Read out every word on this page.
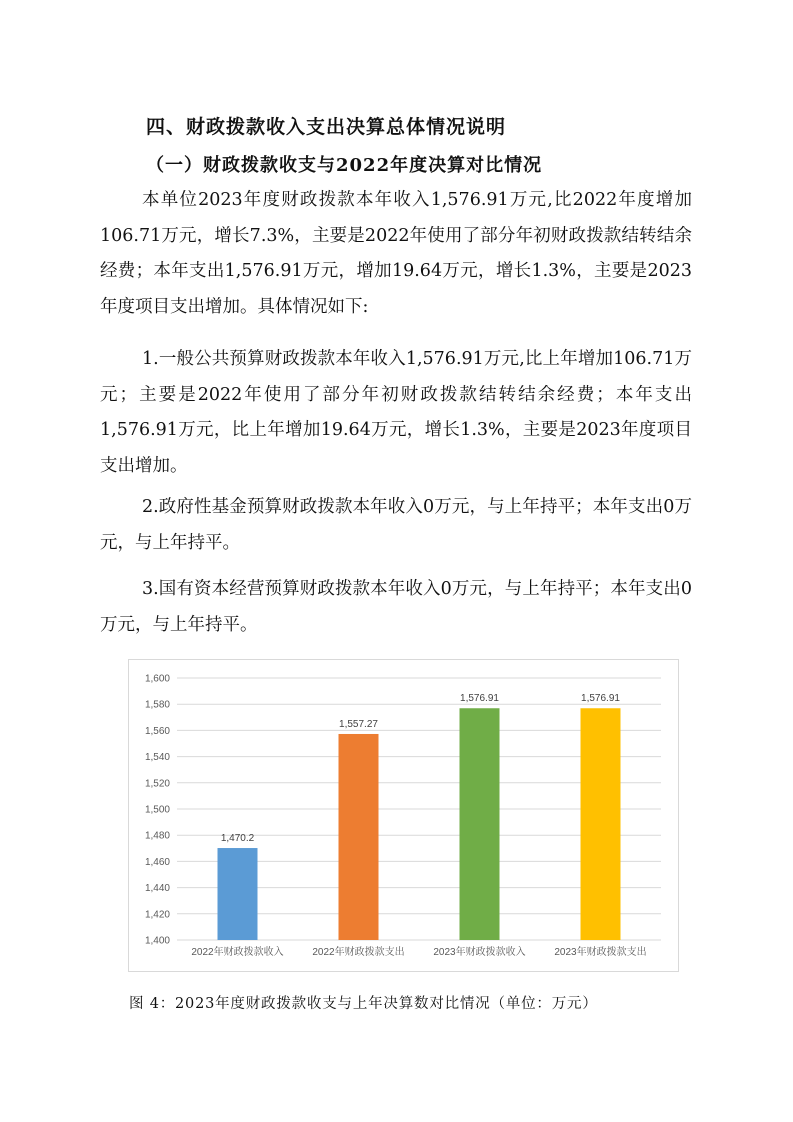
四、财政拨款收入支出决算总体情况说明
（一）财政拨款收支与2022年度决算对比情况

本单位2023年度财政拨款本年收入1,576.91万元,比2022年度增加106.71万元，增长7.3%，主要是2022年使用了部分年初财政拨款结转结余经费；本年支出1,576.91万元，增加19.64万元，增长1.3%，主要是2023年度项目支出增加。具体情况如下:

1.一般公共预算财政拨款本年收入1,576.91万元,比上年增加106.71万元；主要是2022年使用了部分年初财政拨款结转结余经费；本年支出1,576.91万元，比上年增加19.64万元，增长1.3%，主要是2023年度项目支出增加。

2.政府性基金预算财政拨款本年收入0万元，与上年持平；本年支出0万元，与上年持平。

3.国有资本经营预算财政拨款本年收入0万元，与上年持平；本年支出0万元，与上年持平。

1,400
1,420
1,440
1,460
1,480
1,500
1,520
1,540
1,560
1,580
1,600
1,470.2
2022年财政拨款收入
1,557.27
2022年财政拨款支出
1,576.91
2023年财政拨款收入
1,576.91
2023年财政拨款支出
图 4：2023年度财政拨款收支与上年决算数对比情况（单位：万元）
